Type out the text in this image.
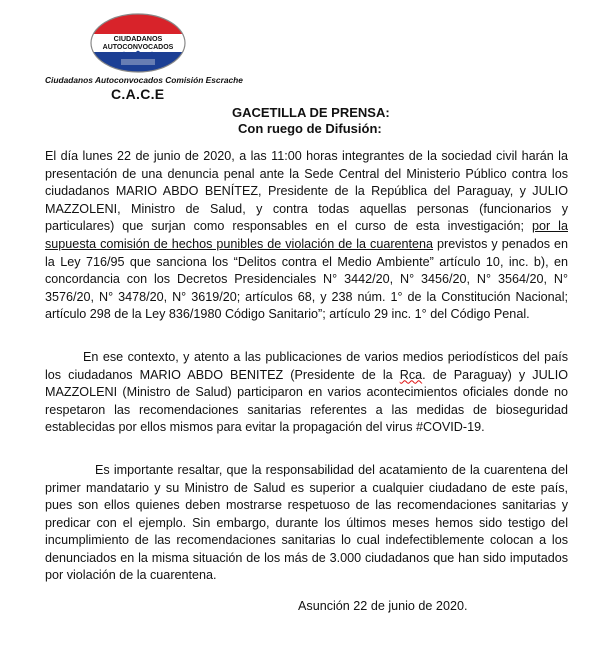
CIUDADANOS
AUTOCONVOCADOS
Ciudadanos Autoconvocados Comisión Escrache
C.A.C.E
GACETILLA DE PRENSA:
Con ruego de Difusión:

El día lunes 22 de junio de 2020, a las 11:00 horas integrantes de la sociedad civil harán la presentación de una denuncia penal ante la Sede Central del Ministerio Público contra los ciudadanos MARIO ABDO BENÍTEZ, Presidente de la República del Paraguay, y JULIO MAZZOLENI, Ministro de Salud, y contra todas aquellas personas (funcionarios y particulares) que surjan como responsables en el curso de esta investigación; por la supuesta comisión de hechos punibles de violación de la cuarentena previstos y penados en la Ley 716/95 que sanciona los “Delitos contra el Medio Ambiente” artículo 10, inc. b), en concordancia con los Decretos Presidenciales N° 3442/20, N° 3456/20, N° 3564/20, N° 3576/20, N° 3478/20, N° 3619/20; artículos 68, y 238 núm. 1° de la Constitución Nacional; artículo 298 de la Ley 836/1980 Código Sanitario”; artículo 29 inc. 1° del Código Penal.

En ese contexto, y atento a las publicaciones de varios medios periodísticos del país los ciudadanos MARIO ABDO BENITEZ (Presidente de la Rca. de Paraguay) y JULIO MAZZOLENI (Ministro de Salud) participaron en varios acontecimientos oficiales donde no respetaron las recomendaciones sanitarias referentes a las medidas de bioseguridad establecidas por ellos mismos para evitar la propagación del virus #COVID-19.

Es importante resaltar, que la responsabilidad del acatamiento de la cuarentena del primer mandatario y su Ministro de Salud es superior a cualquier ciudadano de este país, pues son ellos quienes deben mostrarse respetuoso de las recomendaciones sanitarias y predicar con el ejemplo. Sin embargo, durante los últimos meses hemos sido testigo del incumplimiento de las recomendaciones sanitarias lo cual indefectiblemente colocan a los denunciados en la misma situación de los más de 3.000 ciudadanos que han sido imputados por violación de la cuarentena.

Asunción 22 de junio de 2020.
